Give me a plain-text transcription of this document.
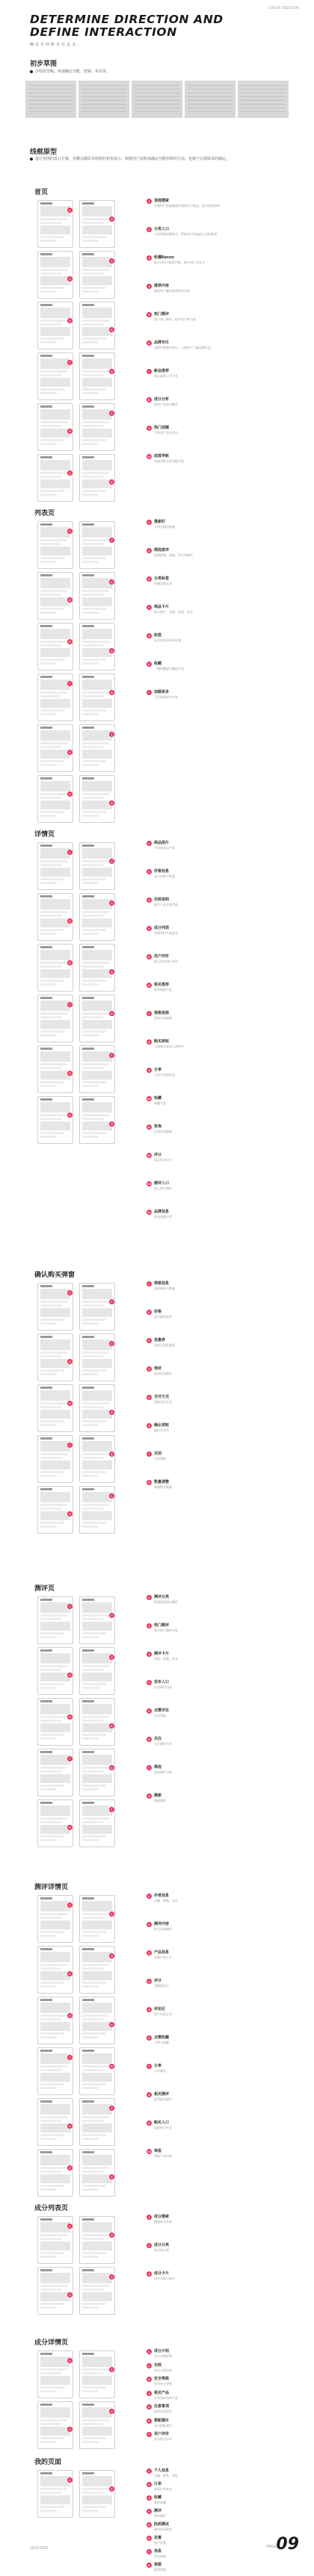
UI/UX DESIGN
DETERMINE DIRECTION AND
DEFINE INTERACTION
确定方向和交互定义
初步草图
手绘原型稿，快速确定功能、逻辑、布局等。
线框原型
通过草图的设计方案，对概念做原有线框的初步展示，根据用户流程来确定功能的组织方法，也便于后期需求的确定。
首页
1
2
3
4
5
6
7
8
9
1
2
3
1	顶部搜索
方便用户直接搜索所需资讯与商品，提升查找效率
2	分类入口
分类导航清晰展示，帮助用户快速进入目标频道
3	轮播Banner
展示活动与推荐内容，吸引用户注意力
4	推荐内容
根据用户偏好推荐相关内容
5	热门测评
展示热门测评，提升用户参与度
6	品牌专区
品牌内容集中展示，方便用户了解品牌信息
7	新品推荐
展示最新上市产品
8	成分分析
提供产品成分解读
9	热门话题
引导用户互动讨论
10 底部导航
快速切换主要功能页面
列表页
1
2
3
4
5
6
7
8
9
1
2
3
1	搜索栏
支持关键词搜索
2	筛选排序
按照价格、销量、评分等排序
3	分类标签
快速切换品类
4	商品卡片
展示图片、名称、价格、评分
5	标签
显示功效及成分标签
6	收藏
一键收藏感兴趣的产品
7	加载更多
下拉加载更多内容
详情页
1
2
3
4
5
6
7
8
9
1
2
3
1	商品图片
多角度展示产品
2	价格信息
显示价格与优惠
3	功效说明
展示产品主要功效
4	成分列表
详细列出产品成分
5	用户评价
展示真实用户评价
6	相关推荐
推荐相似产品
7	规格选择
选择产品规格
8	购买按钮
立即购买或加入购物车
9	分享
分享产品给好友
10 收藏
收藏产品
11 咨询
在线咨询客服
12 评分
展示综合评分
13 测评入口
进入相关测评
14 品牌信息
查看品牌介绍
确认购买弹窗
1
2
3
4
5
6
7
8
9
1
1	规格信息
选择规格与数量
2	价格
显示最终价格
3	优惠券
选择可用优惠券
4	地址
选择收货地址
5	支付方式
选择支付方式
6	确认按钮
确认并支付
7	关闭
关闭弹窗
8	数量调整
增减购买数量
测评页
1
2
3
4
5
6
7
8
9
1
1	测评分类
按照品类划分测评
2	热门测评
展示热门测评内容
3	测评卡片
封面、标题、作者
4	发布入口
发布测评内容
5	点赞评论
互动功能
6	关注
关注测评作者
7	筛选
筛选测评内容
8	搜索
搜索测评
测评详情页
1
2
3
4
5
6
7
8
9
1
2
3
1	作者信息
头像、昵称、关注
2	测评内容
图文详细测评
3	产品信息
关联产品卡片
4	评分
各维度评分
5	评论区
用户评论互动
6	点赞收藏
点赞与收藏
7	分享
分享测评
8	相关测评
推荐相关测评
9	购买入口
直接购买产品
10 举报
举报不良内容
成分列表页
1
2
3
4
1	成分搜索
搜索成分名称
2	成分分类
按功效分类
3	成分卡片
成分名称与简介
成分详情页
1
2
3
4
1	成分介绍
成分详细说明
2	功效
成分主要功效
3	安全等级
成分安全评级
4	相关产品
含有该成分的产品
5	注意事项
使用注意事项
6	搭配建议
成分搭配建议
7	用户评价
成分相关评价
我的页面
1
2
1	个人信息
头像、昵称、等级
2	订单
查看订单状态
3	收藏
我的收藏
4	测评
我的测评
5	肤质测试
测试肤质类型
6	设置
账户设置
7	消息
消息通知
8	客服
联系客服
2019-2020	PAGE 09
